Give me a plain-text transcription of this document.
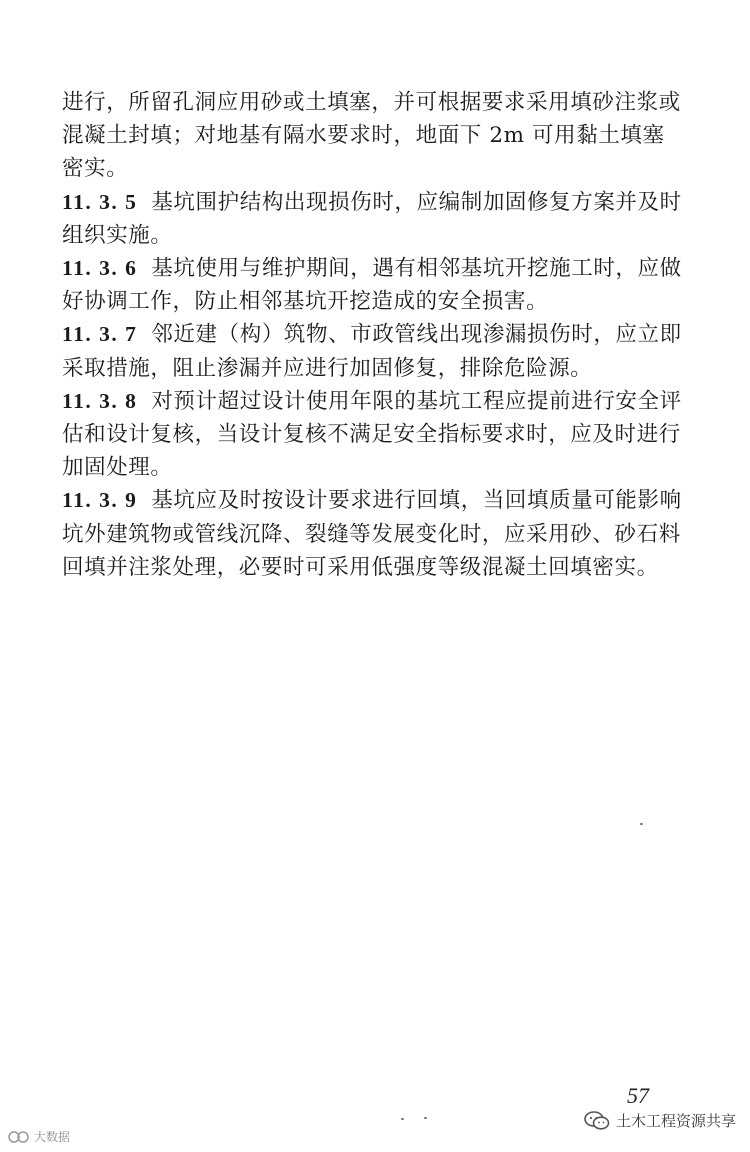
进行，所留孔洞应用砂或土填塞，并可根据要求采用填砂注浆或混凝土封填；对地基有隔水要求时，地面下 2m 可用黏土填塞密实。

11. 3. 5 基坑围护结构出现损伤时，应编制加固修复方案并及时组织实施。

11. 3. 6 基坑使用与维护期间，遇有相邻基坑开挖施工时，应做好协调工作，防止相邻基坑开挖造成的安全损害。

11. 3. 7 邻近建（构）筑物、市政管线出现渗漏损伤时，应立即采取措施，阻止渗漏并应进行加固修复，排除危险源。

11. 3. 8 对预计超过设计使用年限的基坑工程应提前进行安全评估和设计复核，当设计复核不满足安全指标要求时，应及时进行加固处理。

11. 3. 9 基坑应及时按设计要求进行回填，当回填质量可能影响坑外建筑物或管线沉降、裂缝等发展变化时，应采用砂、砂石料回填并注浆处理，必要时可采用低强度等级混凝土回填密实。

57
土木工程资源共享
大数据
